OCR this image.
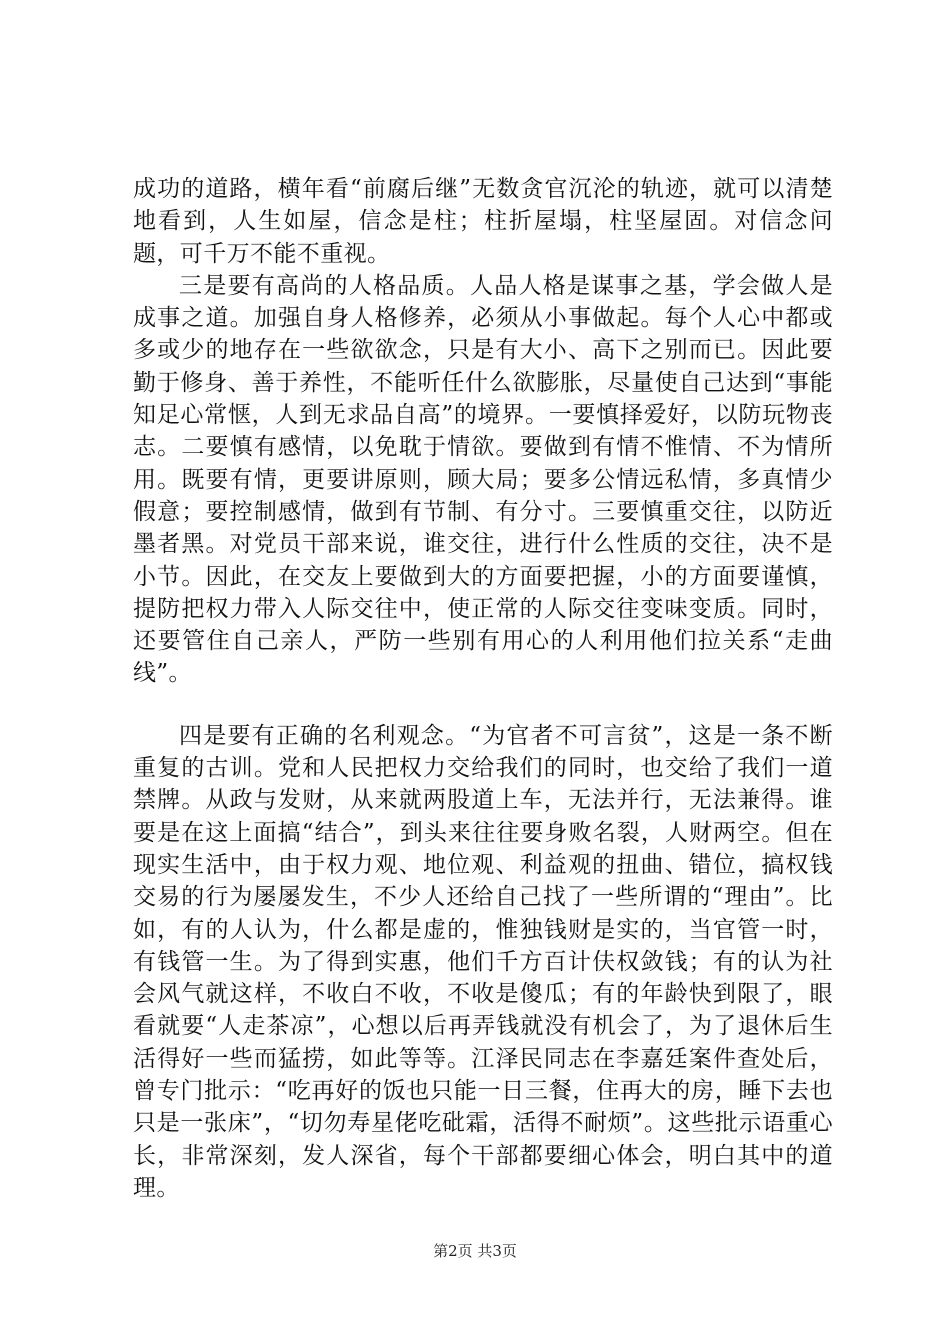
成功的道路，横年看“前腐后继”无数贪官沉沦的轨迹，就可以清楚地看到，人生如屋，信念是柱；柱折屋塌，柱坚屋固。对信念问题，可千万不能不重视。

三是要有高尚的人格品质。人品人格是谋事之基，学会做人是成事之道。加强自身人格修养，必须从小事做起。每个人心中都或多或少的地存在一些欲欲念，只是有大小、高下之别而已。因此要勤于修身、善于养性，不能听任什么欲膨胀，尽量使自己达到“事能知足心常惬，人到无求品自高”的境界。一要慎择爱好，以防玩物丧志。二要慎有感情，以免耽于情欲。要做到有情不惟情、不为情所用。既要有情，更要讲原则，顾大局；要多公情远私情，多真情少假意；要控制感情，做到有节制、有分寸。三要慎重交往，以防近墨者黑。对党员干部来说，谁交往，进行什么性质的交往，决不是小节。因此，在交友上要做到大的方面要把握，小的方面要谨慎，提防把权力带入人际交往中，使正常的人际交往变味变质。同时，还要管住自己亲人，严防一些别有用心的人利用他们拉关系“走曲线”。

四是要有正确的名利观念。“为官者不可言贫”，这是一条不断重复的古训。党和人民把权力交给我们的同时，也交给了我们一道禁牌。从政与发财，从来就两股道上车，无法并行，无法兼得。谁要是在这上面搞“结合”，到头来往往要身败名裂，人财两空。但在现实生活中，由于权力观、地位观、利益观的扭曲、错位，搞权钱交易的行为屡屡发生，不少人还给自己找了一些所谓的“理由”。比如，有的人认为，什么都是虚的，惟独钱财是实的，当官管一时，有钱管一生。为了得到实惠，他们千方百计伕权敛钱；有的认为社会风气就这样，不收白不收，不收是傻瓜；有的年龄快到限了，眼看就要“人走茶凉”，心想以后再弄钱就没有机会了，为了退休后生活得好一些而猛捞，如此等等。江泽民同志在李嘉廷案件查处后，曾专门批示：“吃再好的饭也只能一日三餐，住再大的房，睡下去也只是一张床”，“切勿寿星佬吃砒霜，活得不耐烦”。这些批示语重心长，非常深刻，发人深省，每个干部都要细心体会，明白其中的道理。

第2页 共3页
